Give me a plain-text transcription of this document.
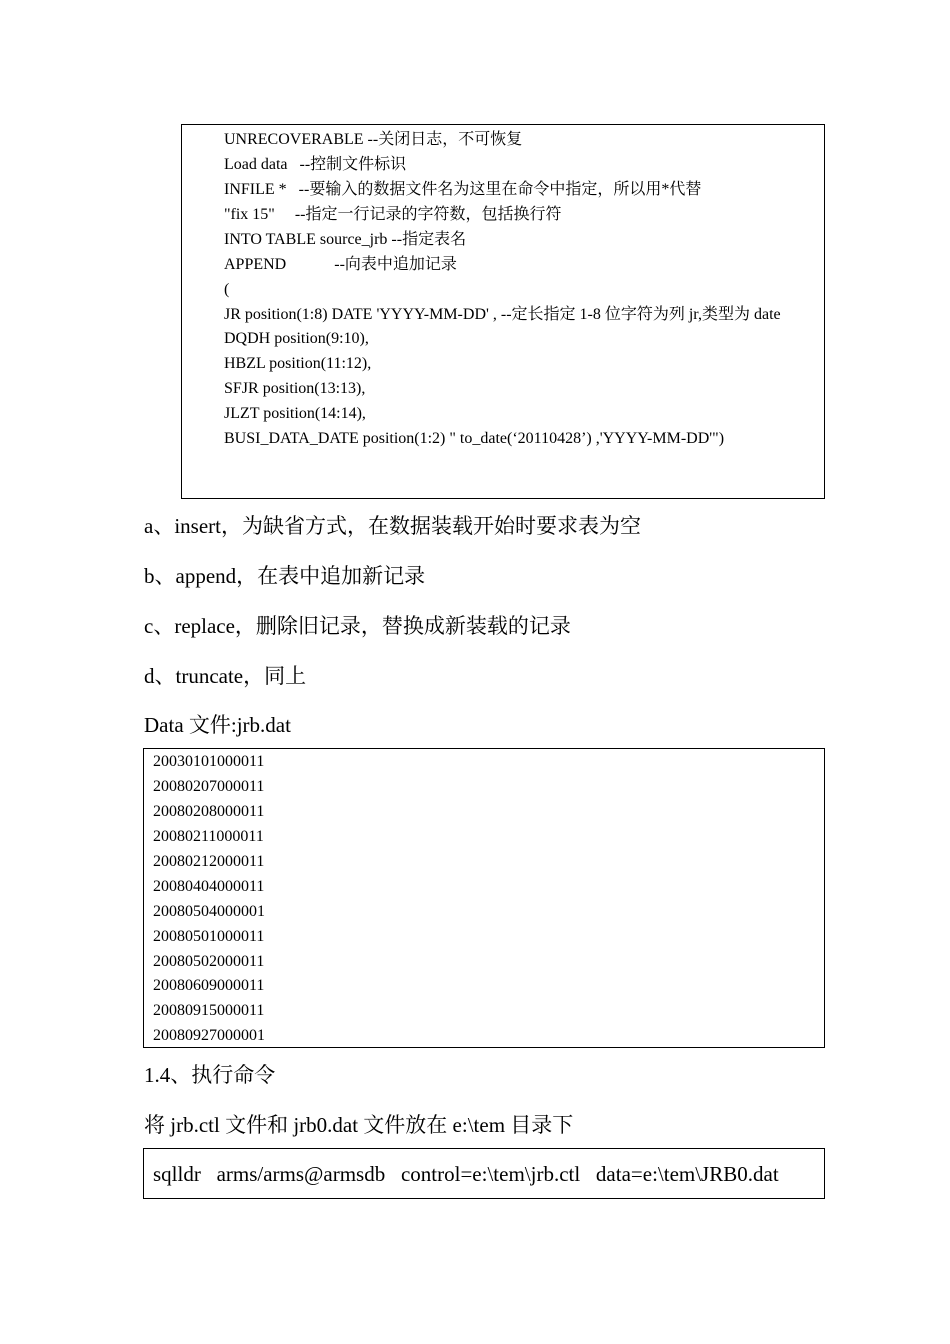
UNRECOVERABLE --关闭日志，不可恢复
Load data   --控制文件标识
INFILE *   --要输入的数据文件名为这里在命令中指定，所以用*代替
"fix 15"     --指定一行记录的字符数，包括换行符
INTO TABLE source_jrb --指定表名
APPEND            --向表中追加记录
(
JR position(1:8) DATE 'YYYY-MM-DD' , --定长指定 1-8 位字符为列 jr,类型为 date
DQDH position(9:10),
HBZL position(11:12),
SFJR position(13:13),
JLZT position(14:14),
BUSI_DATA_DATE position(1:2) " to_date(‘20110428’) ,'YYYY-MM-DD'")
a、insert，为缺省方式，在数据装载开始时要求表为空
b、append，在表中追加新记录
c、replace，删除旧记录，替换成新装载的记录
d、truncate，同上
Data 文件:jrb.dat
20030101000011
20080207000011
20080208000011
20080211000011
20080212000011
20080404000011
20080504000001
20080501000011
20080502000011
20080609000011
20080915000011
20080927000001
1.4、执行命令
将 jrb.ctl 文件和 jrb0.dat 文件放在 e:\tem 目录下
sqlldr   arms/arms@armsdb   control=e:\tem\jrb.ctl   data=e:\tem\JRB0.dat
